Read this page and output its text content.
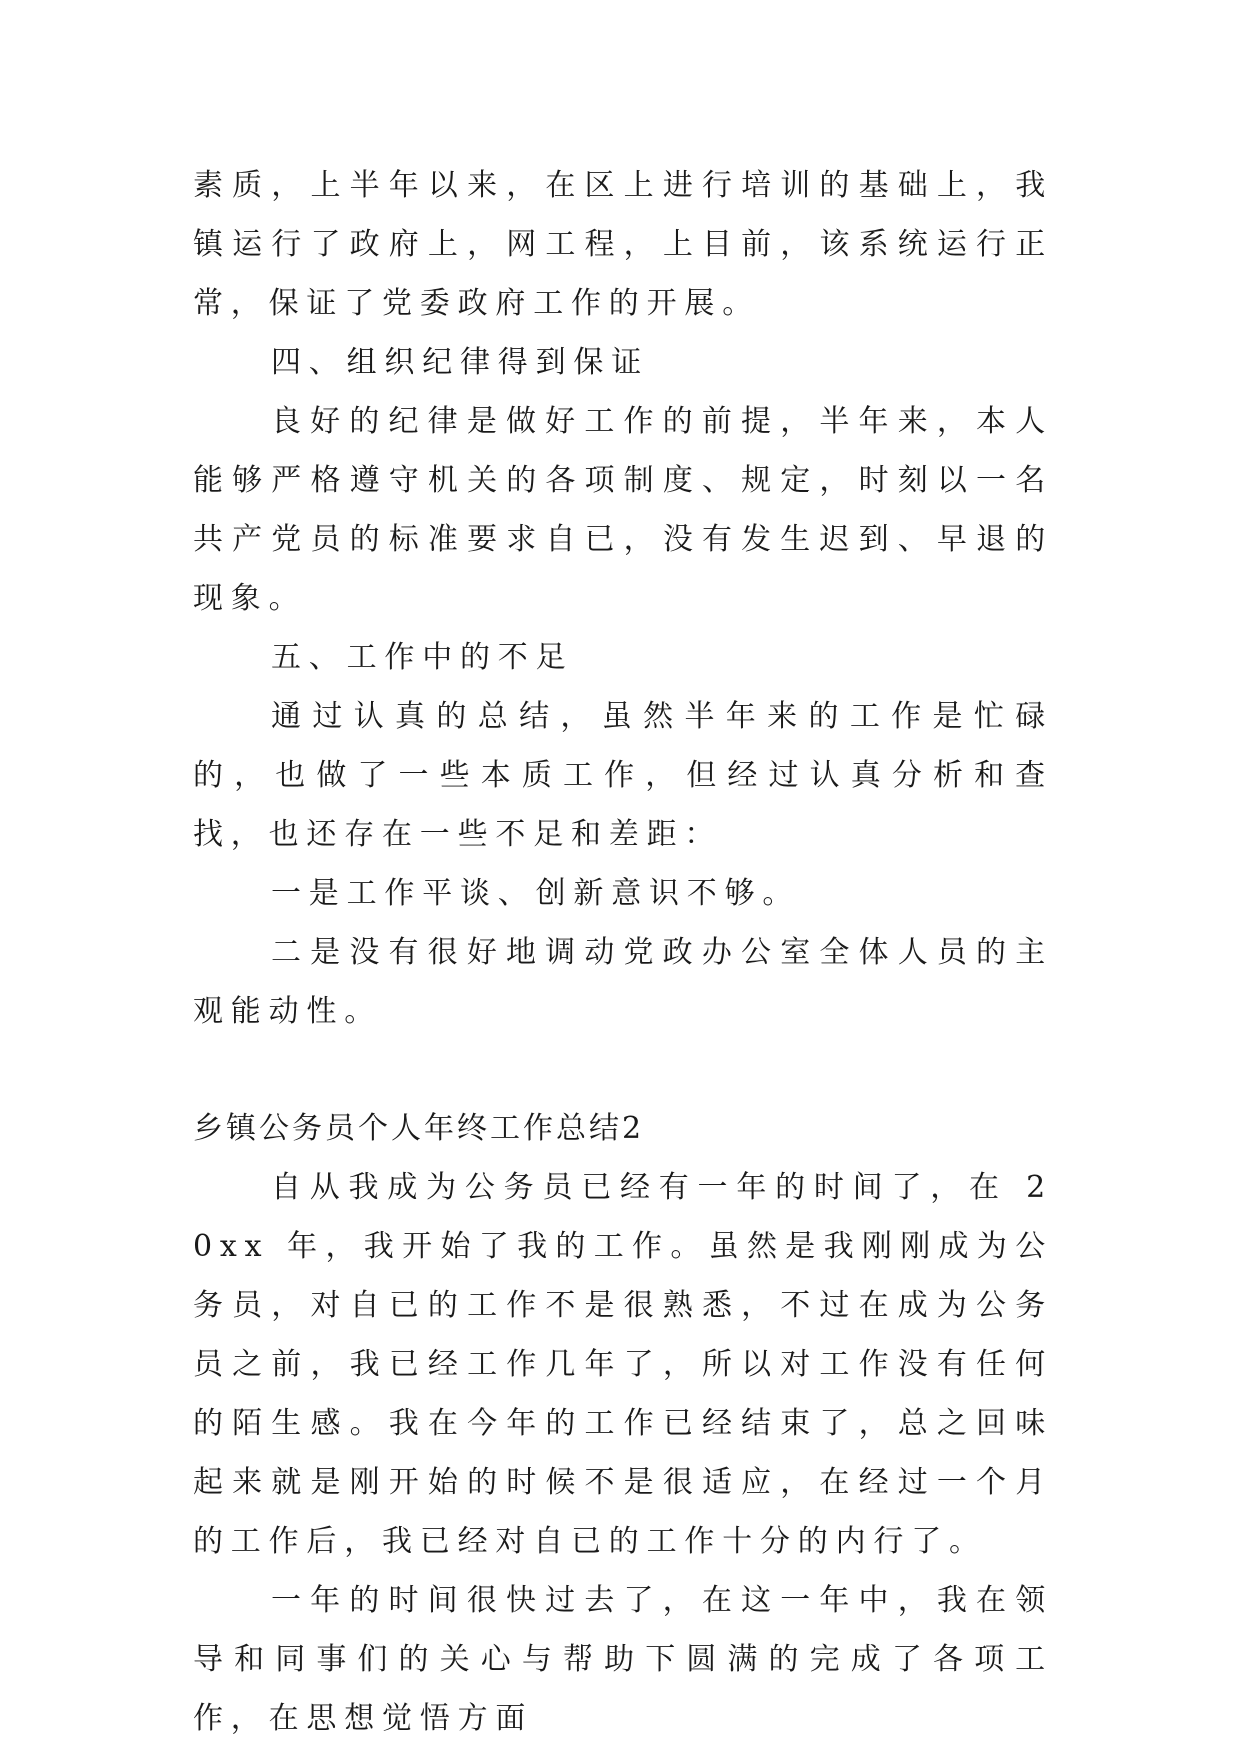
素质，上半年以来，在区上进行培训的基础上，我镇运行了政府上，网工程，上目前，该系统运行正常，保证了党委政府工作的开展。

四、组织纪律得到保证

良好的纪律是做好工作的前提，半年来，本人能够严格遵守机关的各项制度、规定，时刻以一名共产党员的标准要求自已，没有发生迟到、早退的现象。

五、工作中的不足

通过认真的总结，虽然半年来的工作是忙碌的，也做了一些本质工作，但经过认真分析和查找，也还存在一些不足和差距：

一是工作平谈、创新意识不够。

二是没有很好地调动党政办公室全体人员的主观能动性。

乡镇公务员个人年终工作总结2

自从我成为公务员已经有一年的时间了，在 20xx 年，我开始了我的工作。虽然是我刚刚成为公务员，对自已的工作不是很熟悉，不过在成为公务员之前，我已经工作几年了，所以对工作没有任何的陌生感。我在今年的工作已经结束了，总之回味起来就是刚开始的时候不是很适应，在经过一个月的工作后，我已经对自已的工作十分的内行了。

一年的时间很快过去了，在这一年中，我在领导和同事们的关心与帮助下圆满的完成了各项工作，在思想觉悟方面
